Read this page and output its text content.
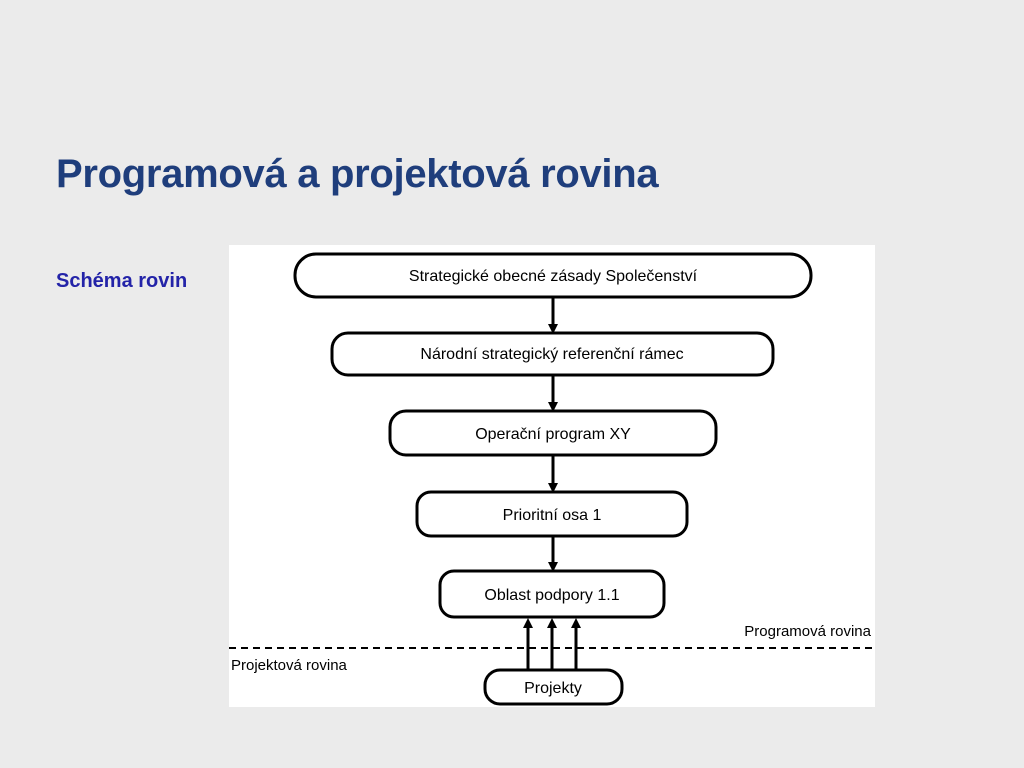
Programová a projektová rovina
Schéma rovin	Strategické obecné zásady Společenství
Národní strategický referenční rámec
Operační program XY
Prioritní osa 1
Oblast podpory 1.1
Programová rovina
Projektová rovina
Projekty
